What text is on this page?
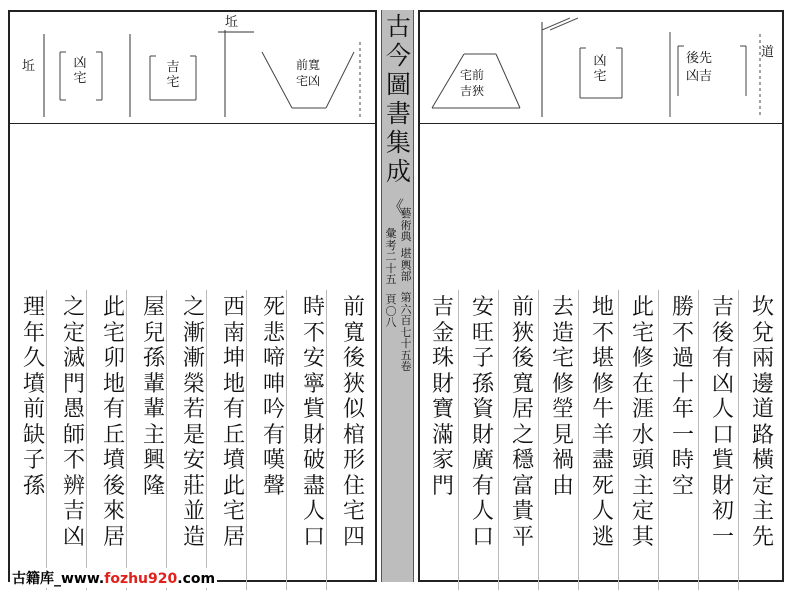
坵
坵	凶
宅
吉
宅
前寬
宅凶
前
寬
後
狹
似
棺
形
住
宅
四
時
不
安
寧
貲
財
破
盡
人
口
死
悲
啼
呻
吟
有
嘆
聲
西
南
坤
地
有
丘
墳
此
宅
居
之
漸
漸
榮
若
是
安
莊
並
造
屋
兒
孫
輩
輩
主
興
隆
此
宅
卯
地
有
丘
墳
後
來
居
之
定
滅
門
愚
師
不
辨
吉
凶
理
年
久
墳
前
缺
子
孫
古
今
圖
書
集
成
《
藝
術
典
堪
輿
部
第
六
百
七
十
五
卷
彙
考
二
十
五
頁
〇
八
宅前
吉狹
凶
宅
後先
凶吉
道
坎
兌
兩
邊
道
路
橫
定
主
先
吉
後
有
凶
人
口
貲
財
初
一
勝
不
過
十
年
一
時
空
此
宅
修
在
涯
水
頭
主
定
其
地
不
堪
修
牛
羊
盡
死
人
逃
去
造
宅
修
塋
見
禍
由
前
狹
後
寬
居
之
穩
富
貴
平
安
旺
子
孫
資
財
廣
有
人
口
吉
金
珠
財
寶
滿
家
門
古籍库_www.fozhu920.com
